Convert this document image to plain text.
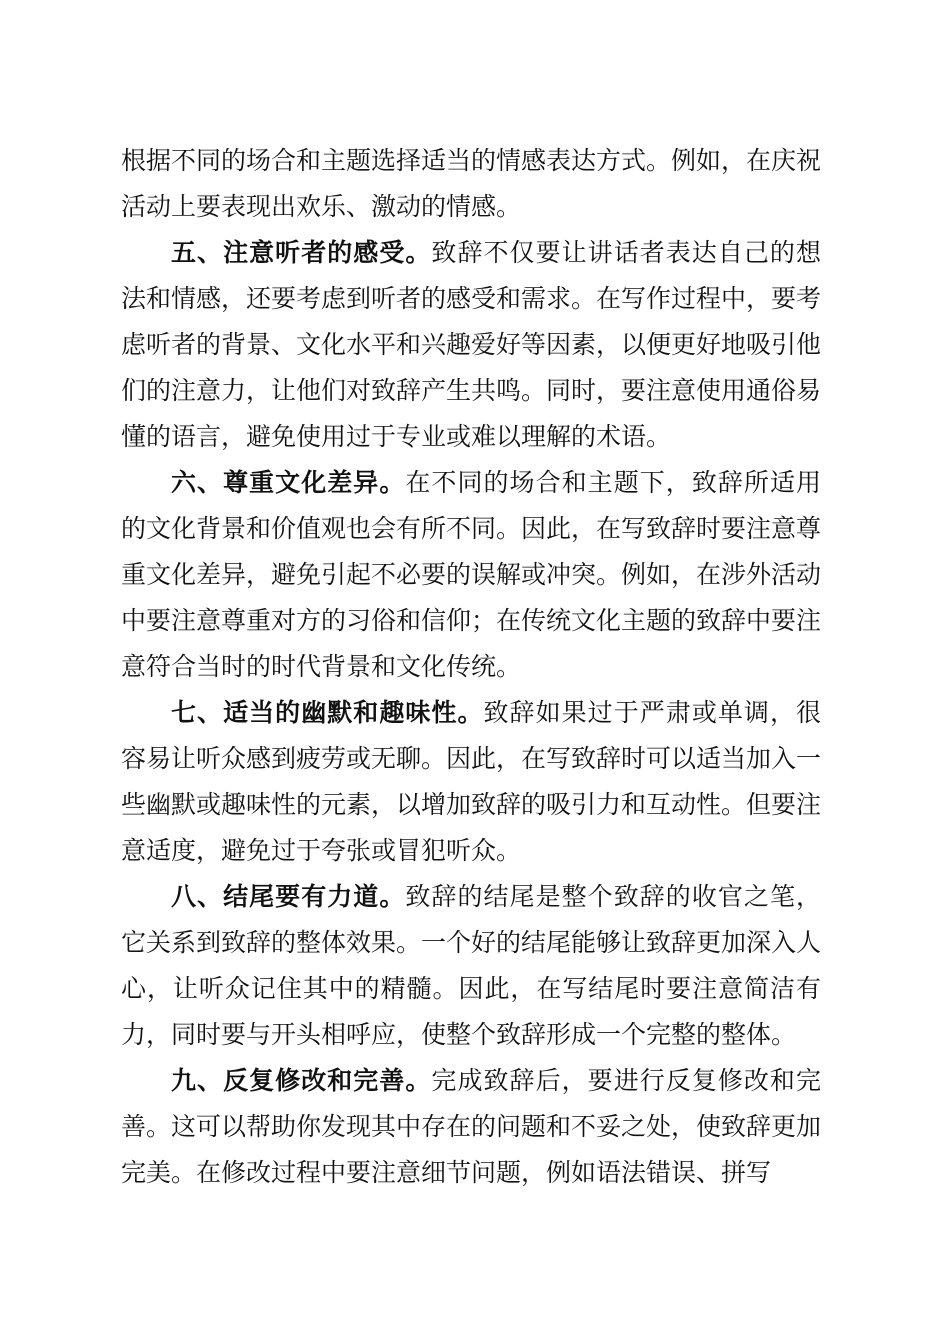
根据不同的场合和主题选择适当的情感表达方式。例如，在庆祝活动上要表现出欢乐、激动的情感。

五、注意听者的感受。致辞不仅要让讲话者表达自己的想法和情感，还要考虑到听者的感受和需求。在写作过程中，要考虑听者的背景、文化水平和兴趣爱好等因素，以便更好地吸引他们的注意力，让他们对致辞产生共鸣。同时，要注意使用通俗易懂的语言，避免使用过于专业或难以理解的术语。

六、尊重文化差异。在不同的场合和主题下，致辞所适用的文化背景和价值观也会有所不同。因此，在写致辞时要注意尊重文化差异，避免引起不必要的误解或冲突。例如，在涉外活动中要注意尊重对方的习俗和信仰；在传统文化主题的致辞中要注意符合当时的时代背景和文化传统。

七、适当的幽默和趣味性。致辞如果过于严肃或单调，很容易让听众感到疲劳或无聊。因此，在写致辞时可以适当加入一些幽默或趣味性的元素，以增加致辞的吸引力和互动性。但要注意适度，避免过于夸张或冒犯听众。

八、结尾要有力道。致辞的结尾是整个致辞的收官之笔，它关系到致辞的整体效果。一个好的结尾能够让致辞更加深入人心，让听众记住其中的精髓。因此，在写结尾时要注意简洁有力，同时要与开头相呼应，使整个致辞形成一个完整的整体。

九、反复修改和完善。完成致辞后，要进行反复修改和完善。这可以帮助你发现其中存在的问题和不妥之处，使致辞更加完美。在修改过程中要注意细节问题，例如语法错误、拼写
